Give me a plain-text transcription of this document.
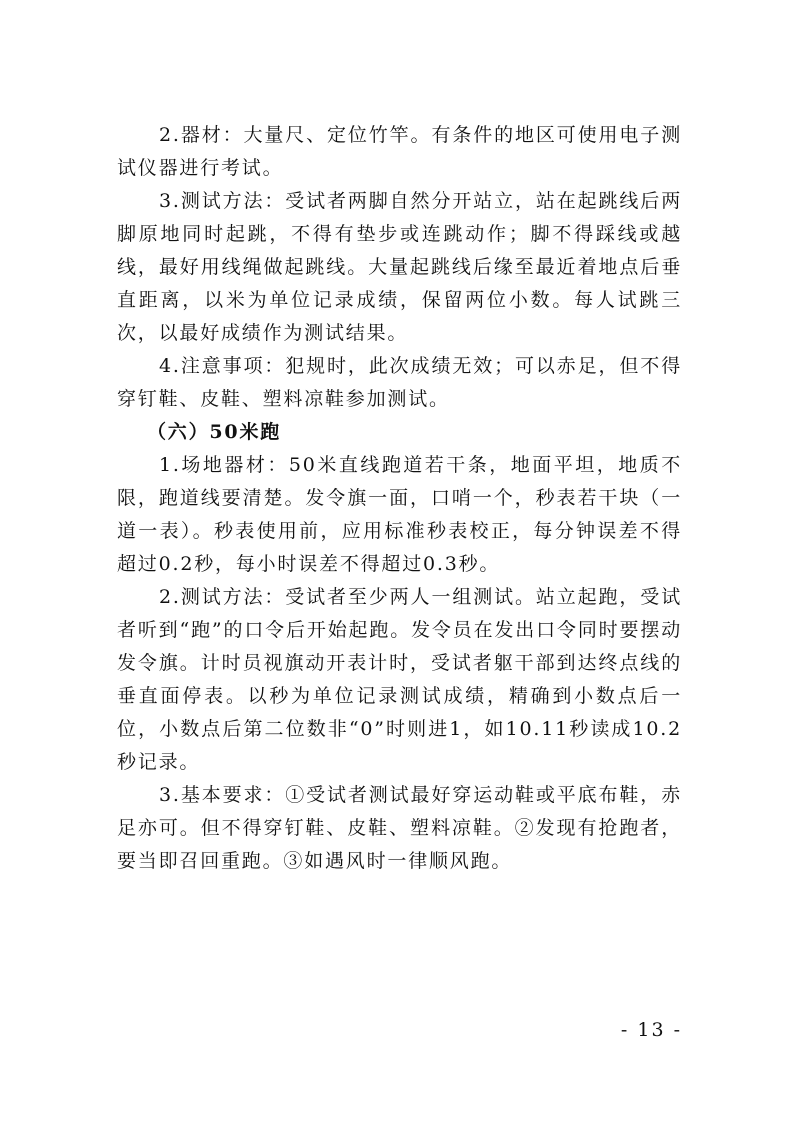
2.器材：大量尺、定位竹竿。有条件的地区可使用电子测试仪器进行考试。

3.测试方法：受试者两脚自然分开站立，站在起跳线后两脚原地同时起跳，不得有垫步或连跳动作；脚不得踩线或越线，最好用线绳做起跳线。大量起跳线后缘至最近着地点后垂直距离，以米为单位记录成绩，保留两位小数。每人试跳三次，以最好成绩作为测试结果。

4.注意事项：犯规时，此次成绩无效；可以赤足，但不得穿钉鞋、皮鞋、塑料凉鞋参加测试。

（六）50米跑

1.场地器材：50米直线跑道若干条，地面平坦，地质不限，跑道线要清楚。发令旗一面，口哨一个，秒表若干块（一道一表）。秒表使用前，应用标准秒表校正，每分钟误差不得超过0.2秒，每小时误差不得超过0.3秒。

2.测试方法：受试者至少两人一组测试。站立起跑，受试者听到“跑”的口令后开始起跑。发令员在发出口令同时要摆动发令旗。计时员视旗动开表计时，受试者躯干部到达终点线的垂直面停表。以秒为单位记录测试成绩，精确到小数点后一位，小数点后第二位数非“0”时则进1，如10.11秒读成10.2秒记录。

3.基本要求：①受试者测试最好穿运动鞋或平底布鞋，赤足亦可。但不得穿钉鞋、皮鞋、塑料凉鞋。②发现有抢跑者，要当即召回重跑。③如遇风时一律顺风跑。

- 13 -
